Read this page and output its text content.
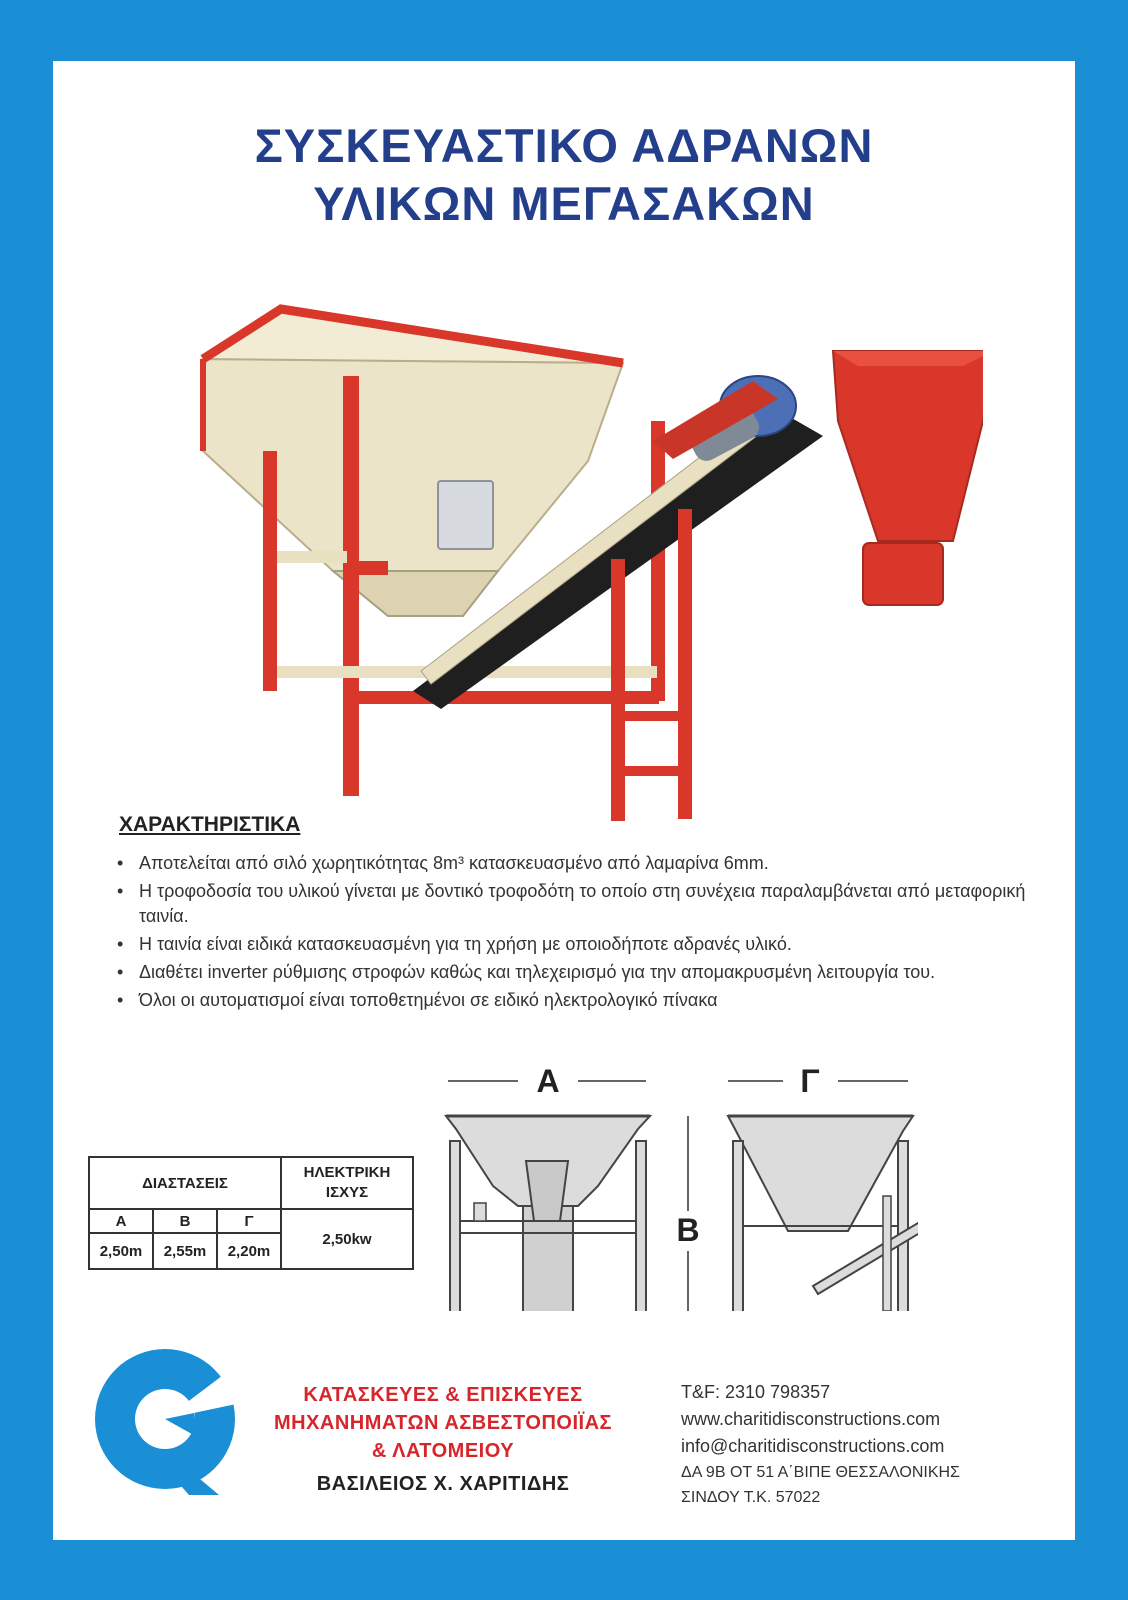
ΣΥΣΚΕΥΑΣΤΙΚΟ ΑΔΡΑΝΩΝ
ΥΛΙΚΩΝ ΜΕΓΑΣΑΚΩΝ
ΧΑΡΑΚΤΗΡΙΣΤΙΚΑ
• Αποτελείται από σιλό χωρητικότητας 8m³ κατασκευασμένο από λαμαρίνα 6mm.
• Η τροφοδοσία του υλικού γίνεται με δοντικό τροφοδότη το οποίο στη συνέχεια παραλαμβάνεται από μεταφορική ταινία.
• Η ταινία είναι ειδικά κατασκευασμένη για τη χρήση με οποιοδήποτε αδρανές υλικό.
• Διαθέτει inverter ρύθμισης στροφών καθώς και τηλεχειρισμό για την απομακρυσμένη λειτουργία του.
• Όλοι οι αυτοματισμοί είναι τοποθετημένοι σε ειδικό ηλεκτρολογικό πίνακα
ΔΙΑΣΤΑΣΕΙΣ			ΗΛΕΚΤΡΙΚΗ
ΙΣΧΥΣ

Α	Β	Γ	2,50kw
2,50m	2,55m	2,20m	
Α
Β
Γ
ΚΑΤΑΣΚΕΥΕΣ & ΕΠΙΣΚΕΥΕΣ
ΜΗΧΑΝΗΜΑΤΩΝ ΑΣΒΕΣΤΟΠΟΙΪΑΣ
& ΛΑΤΟΜΕΙΟΥ
ΒΑΣΙΛΕΙΟΣ Χ. ΧΑΡΙΤΙΔΗΣ
T&F: 2310 798357
www.charitidisconstructions.com
info@charitidisconstructions.com
ΔΑ 9Β ΟΤ 51 Α΄ΒΙΠΕ ΘΕΣΣΑΛΟΝΙΚΗΣ
ΣΙΝΔΟΥ Τ.Κ. 57022
